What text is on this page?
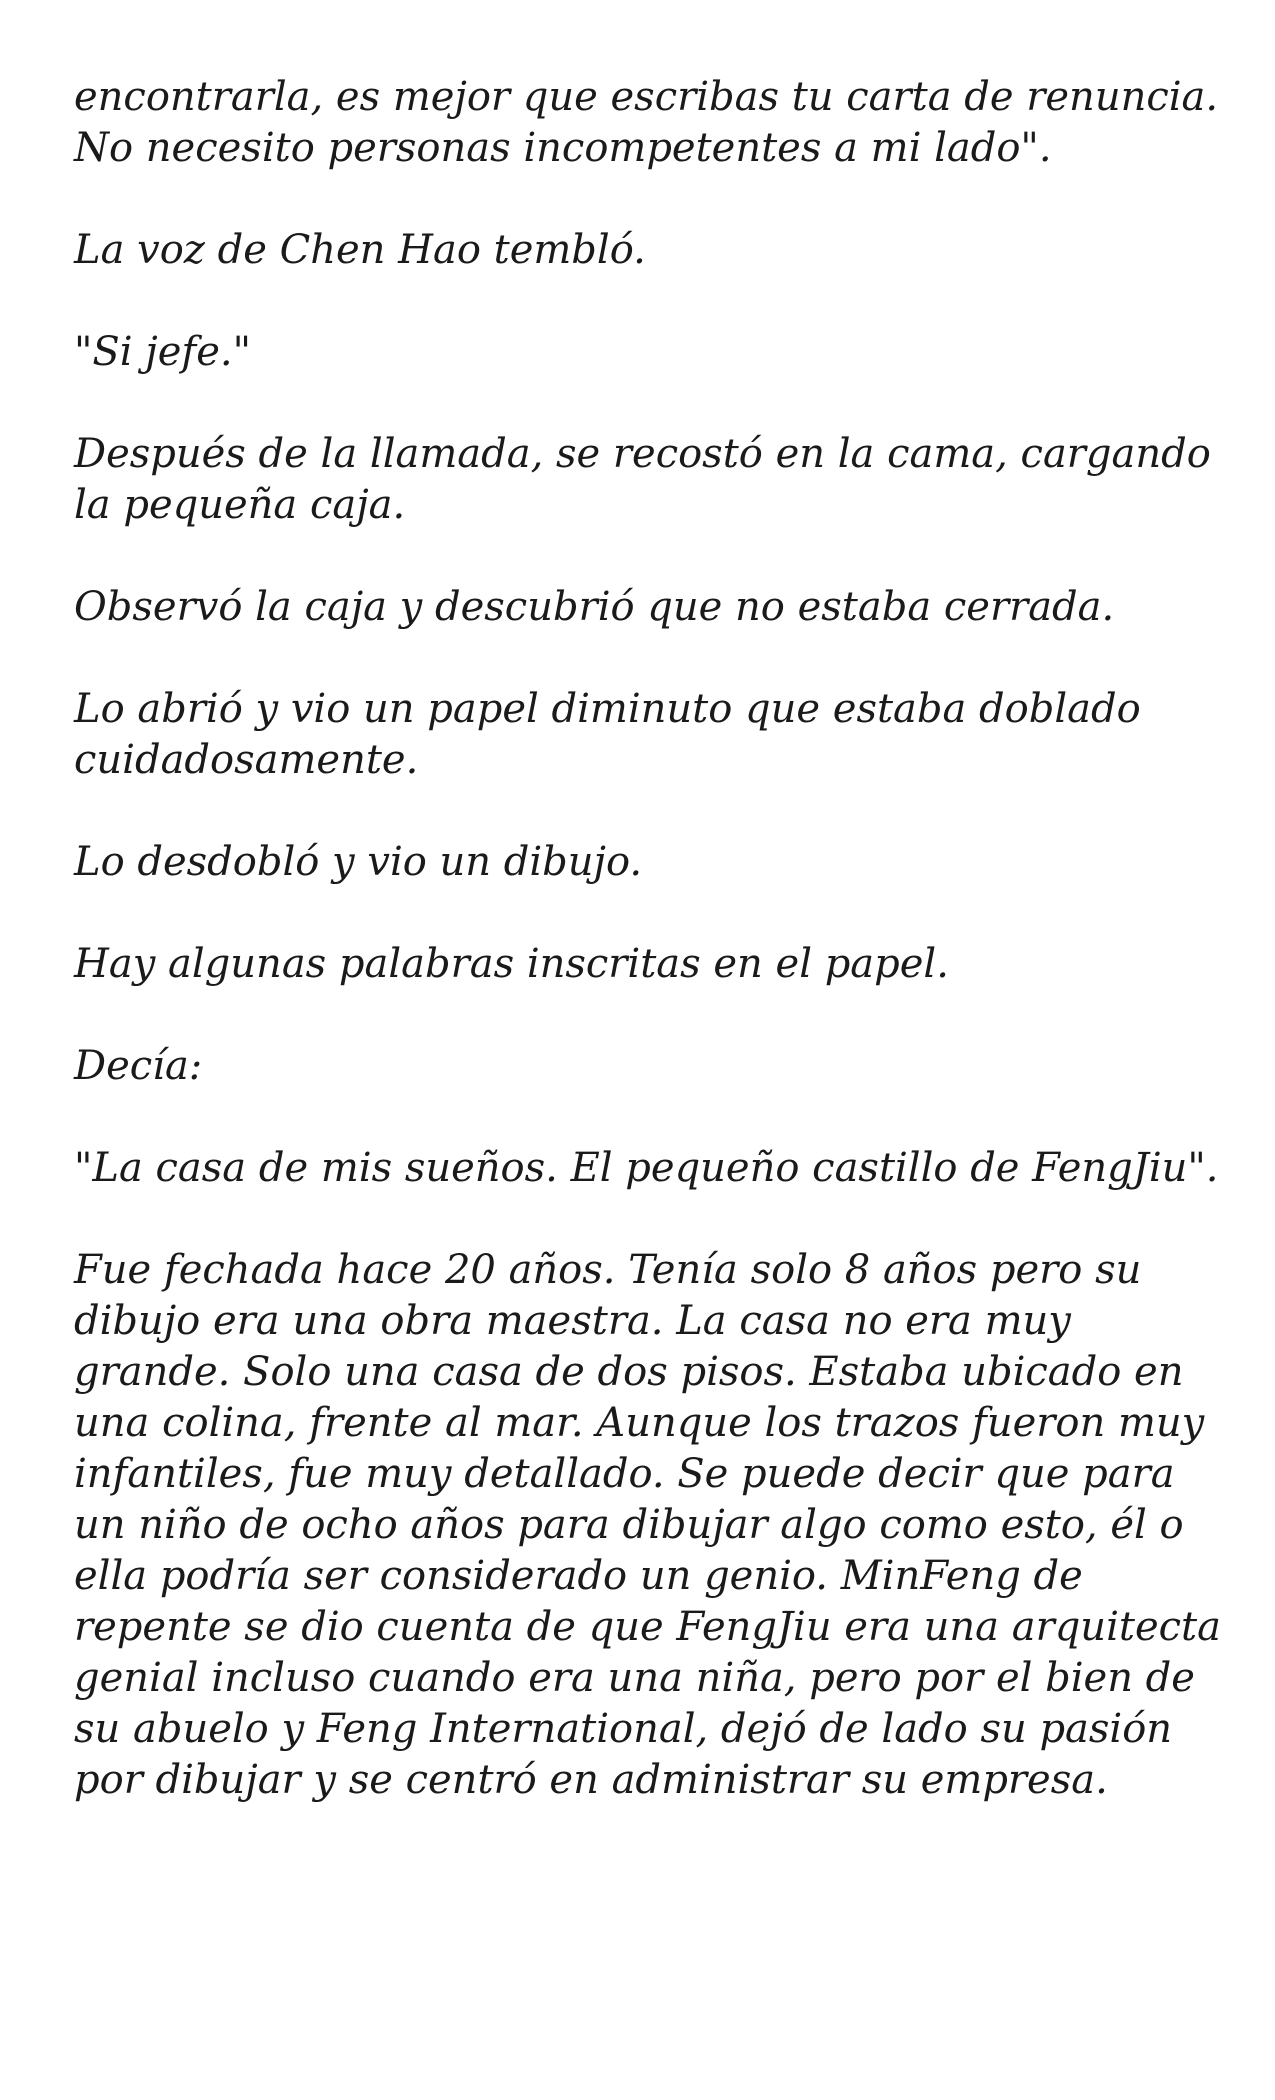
encontrarla, es mejor que escribas tu carta de renuncia. No necesito personas incompetentes a mi lado".

La voz de Chen Hao tembló.

"Si jefe."

Después de la llamada, se recostó en la cama, cargando la pequeña caja.

Observó la caja y descubrió que no estaba cerrada.

Lo abrió y vio un papel diminuto que estaba doblado cuidadosamente.

Lo desdobló y vio un dibujo.

Hay algunas palabras inscritas en el papel.

Decía:

"La casa de mis sueños. El pequeño castillo de FengJiu".

Fue fechada hace 20 años. Tenía solo 8 años pero su dibujo era una obra maestra. La casa no era muy grande. Solo una casa de dos pisos. Estaba ubicado en una colina, frente al mar. Aunque los trazos fueron muy infantiles, fue muy detallado. Se puede decir que para un niño de ocho años para dibujar algo como esto, él o ella podría ser considerado un genio. MinFeng de repente se dio cuenta de que FengJiu era una arquitecta genial incluso cuando era una niña, pero por el bien de su abuelo y Feng International, dejó de lado su pasión por dibujar y se centró en administrar su empresa.
